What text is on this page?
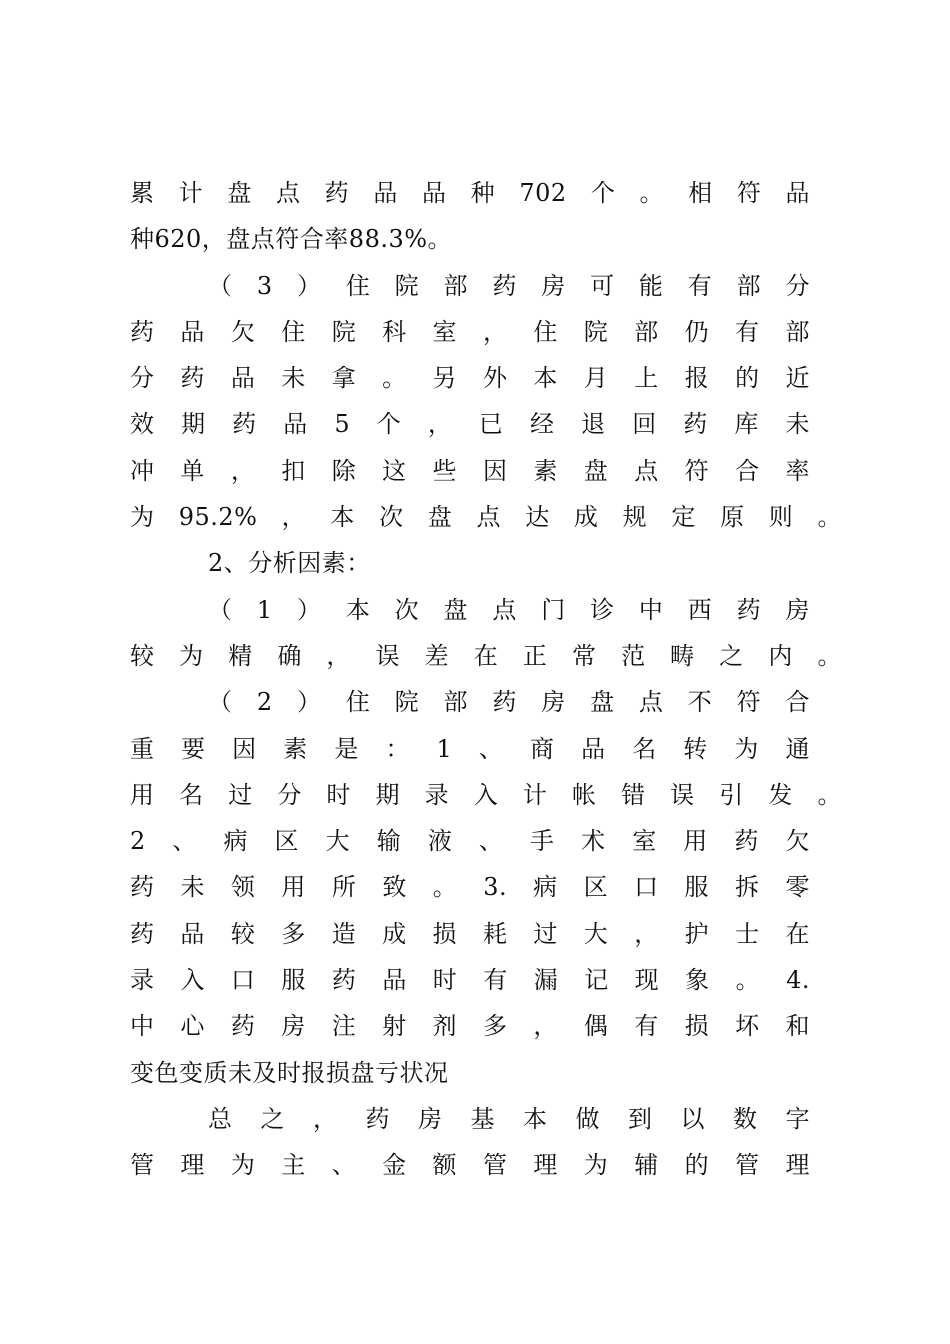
累计盘点药品品种702个。相符品
种620，盘点符合率88.3%。
（3）住院部药房可能有部分
药品欠住院科室，住院部仍有部
分药品未拿。另外本月上报的近
效期药品5个，已经退回药库未
冲单，扣除这些因素盘点符合率
为95.2%，本次盘点达成规定原则。
2、分析因素：
（1）本次盘点门诊中西药房
较为精确，误差在正常范畴之内。
（2）住院部药房盘点不符合
重要因素是：1、商品名转为通
用名过分时期录入计帐错误引发。
2、病区大输液、手术室用药欠
药未领用所致。3.病区口服拆零
药品较多造成损耗过大，护士在
录入口服药品时有漏记现象。4.
中心药房注射剂多，偶有损坏和
变色变质未及时报损盘亏状况
总之，药房基本做到以数字
管理为主、金额管理为辅的管理
